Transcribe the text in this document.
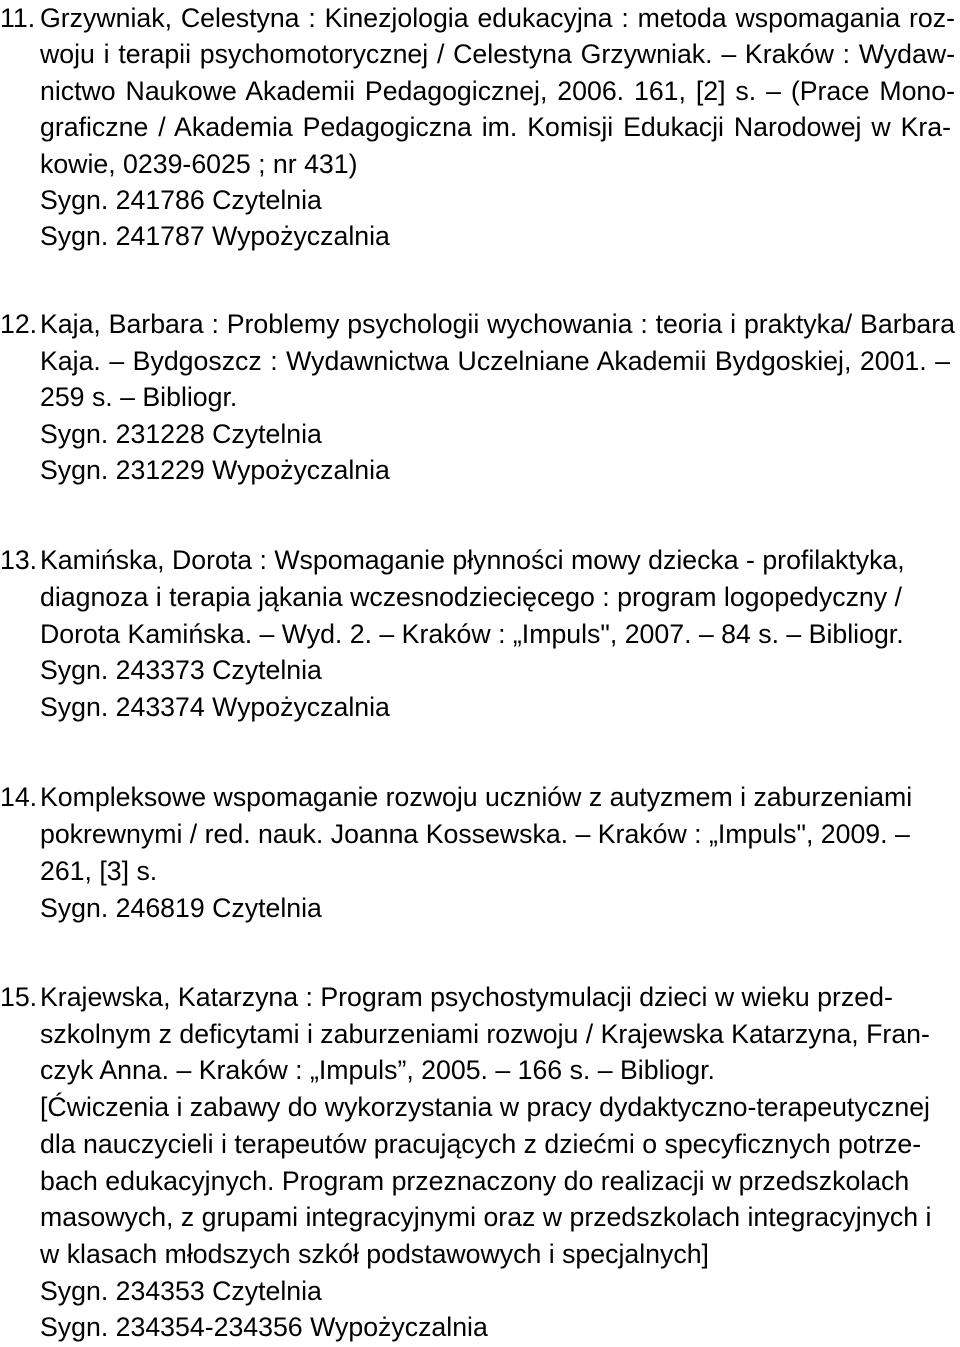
11. Grzywniak, Celestyna : Kinezjologia edukacyjna : metoda wspomagania roz-
woju i terapii psychomotorycznej / Celestyna Grzywniak. – Kraków : Wydaw-
nictwo Naukowe Akademii Pedagogicznej, 2006. 161, [2] s. – (Prace Mono-
graficzne / Akademia Pedagogiczna im. Komisji Edukacji Narodowej w Kra-
kowie, 0239-6025 ; nr 431)
Sygn. 241786 Czytelnia
Sygn. 241787 Wypożyczalnia
12. Kaja, Barbara : Problemy psychologii wychowania : teoria i praktyka/ Barbara
Kaja. – Bydgoszcz : Wydawnictwa Uczelniane Akademii Bydgoskiej, 2001. –
259 s. – Bibliogr.
Sygn. 231228 Czytelnia
Sygn. 231229 Wypożyczalnia
13. Kamińska, Dorota : Wspomaganie płynności mowy dziecka - profilaktyka,
diagnoza i terapia jąkania wczesnodziecięcego : program logopedyczny /
Dorota Kamińska. – Wyd. 2. – Kraków : „Impuls", 2007. – 84 s. – Bibliogr.
Sygn. 243373 Czytelnia
Sygn. 243374 Wypożyczalnia
14. Kompleksowe wspomaganie rozwoju uczniów z autyzmem i zaburzeniami
pokrewnymi / red. nauk. Joanna Kossewska. – Kraków : „Impuls", 2009. –
261, [3] s.
Sygn. 246819 Czytelnia
15. Krajewska, Katarzyna : Program psychostymulacji dzieci w wieku przed-
szkolnym z deficytami i zaburzeniami rozwoju / Krajewska Katarzyna, Fran-
czyk Anna. – Kraków : „Impuls”, 2005. – 166 s. – Bibliogr.
[Ćwiczenia i zabawy do wykorzystania w pracy dydaktyczno-terapeutycznej
dla nauczycieli i terapeutów pracujących z dziećmi o specyficznych potrze-
bach edukacyjnych. Program przeznaczony do realizacji w przedszkolach
masowych, z grupami integracyjnymi oraz w przedszkolach integracyjnych i
w klasach młodszych szkół podstawowych i specjalnych]
Sygn. 234353 Czytelnia
Sygn. 234354-234356 Wypożyczalnia
